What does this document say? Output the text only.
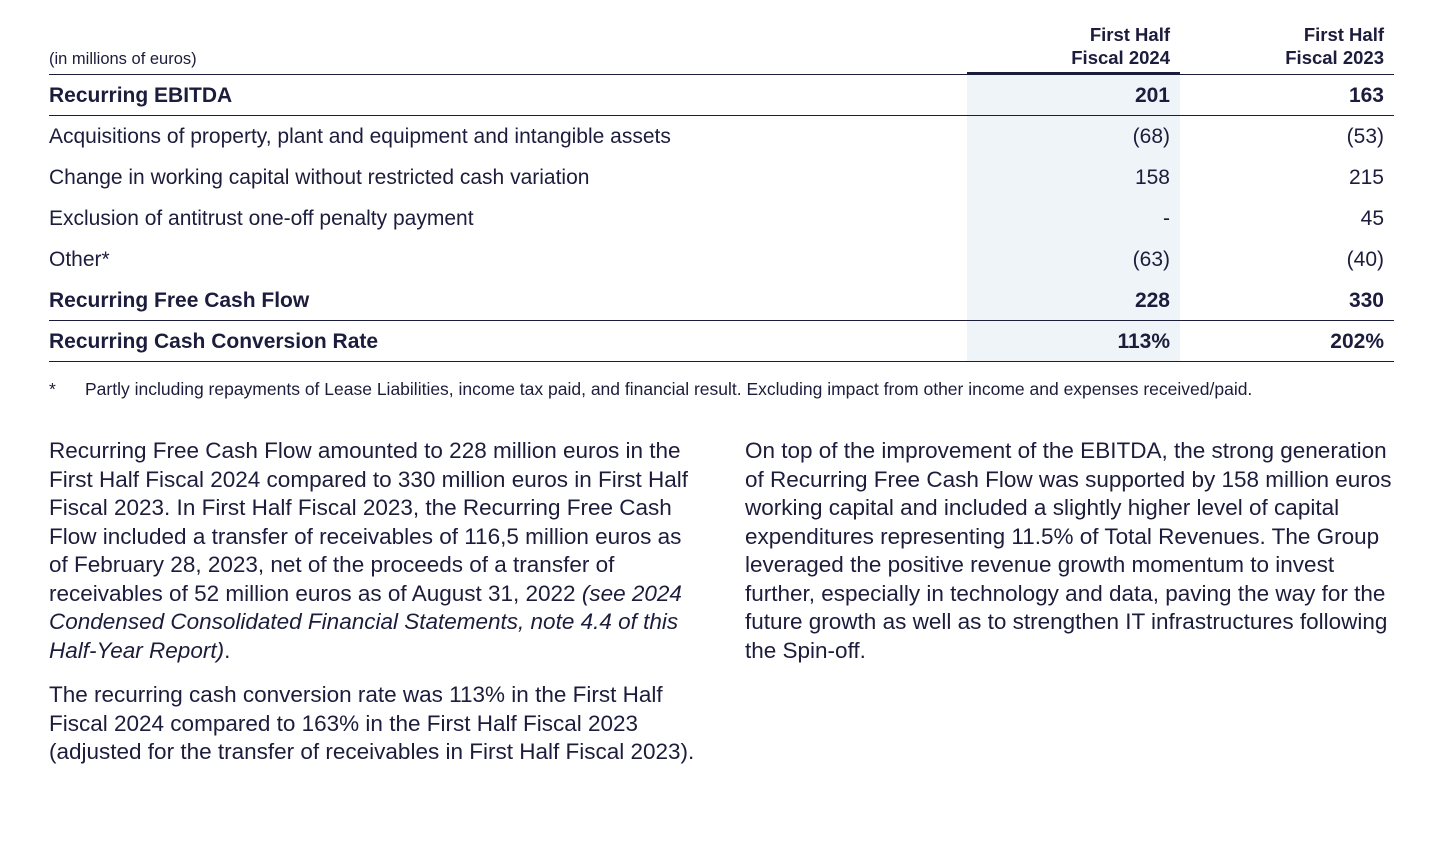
(in millions of euros)
First Half
Fiscal 2024
First Half
Fiscal 2023
Recurring EBITDA	201	163
Acquisitions of property, plant and equipment and intangible assets	(68)	(53)
Change in working capital without restricted cash variation	158	215
Exclusion of antitrust one-off penalty payment	-	45
Other*	(63)	(40)
Recurring Free Cash Flow	228	330
Recurring Cash Conversion Rate	113%	202%
* Partly including repayments of Lease Liabilities, income tax paid, and financial result. Excluding impact from other income and expenses received/paid.

Recurring Free Cash Flow amounted to 228 million euros in the First Half Fiscal 2024 compared to 330 million euros in First Half Fiscal 2023. In First Half Fiscal 2023, the Recurring Free Cash Flow included a transfer of receivables of 116,5 million euros as of February 28, 2023, net of the proceeds of a transfer of receivables of 52 million euros as of August 31, 2022 (see 2024 Condensed Consolidated Financial Statements, note 4.4 of this Half-Year Report).

The recurring cash conversion rate was 113% in the First Half Fiscal 2024 compared to 163% in the First Half Fiscal 2023 (adjusted for the transfer of receivables in First Half Fiscal 2023).

On top of the improvement of the EBITDA, the strong generation of Recurring Free Cash Flow was supported by 158 million euros working capital and included a slightly higher level of capital expenditures representing 11.5% of Total Revenues. The Group leveraged the positive revenue growth momentum to invest further, especially in technology and data, paving the way for the future growth as well as to strengthen IT infrastructures following the Spin-off.
